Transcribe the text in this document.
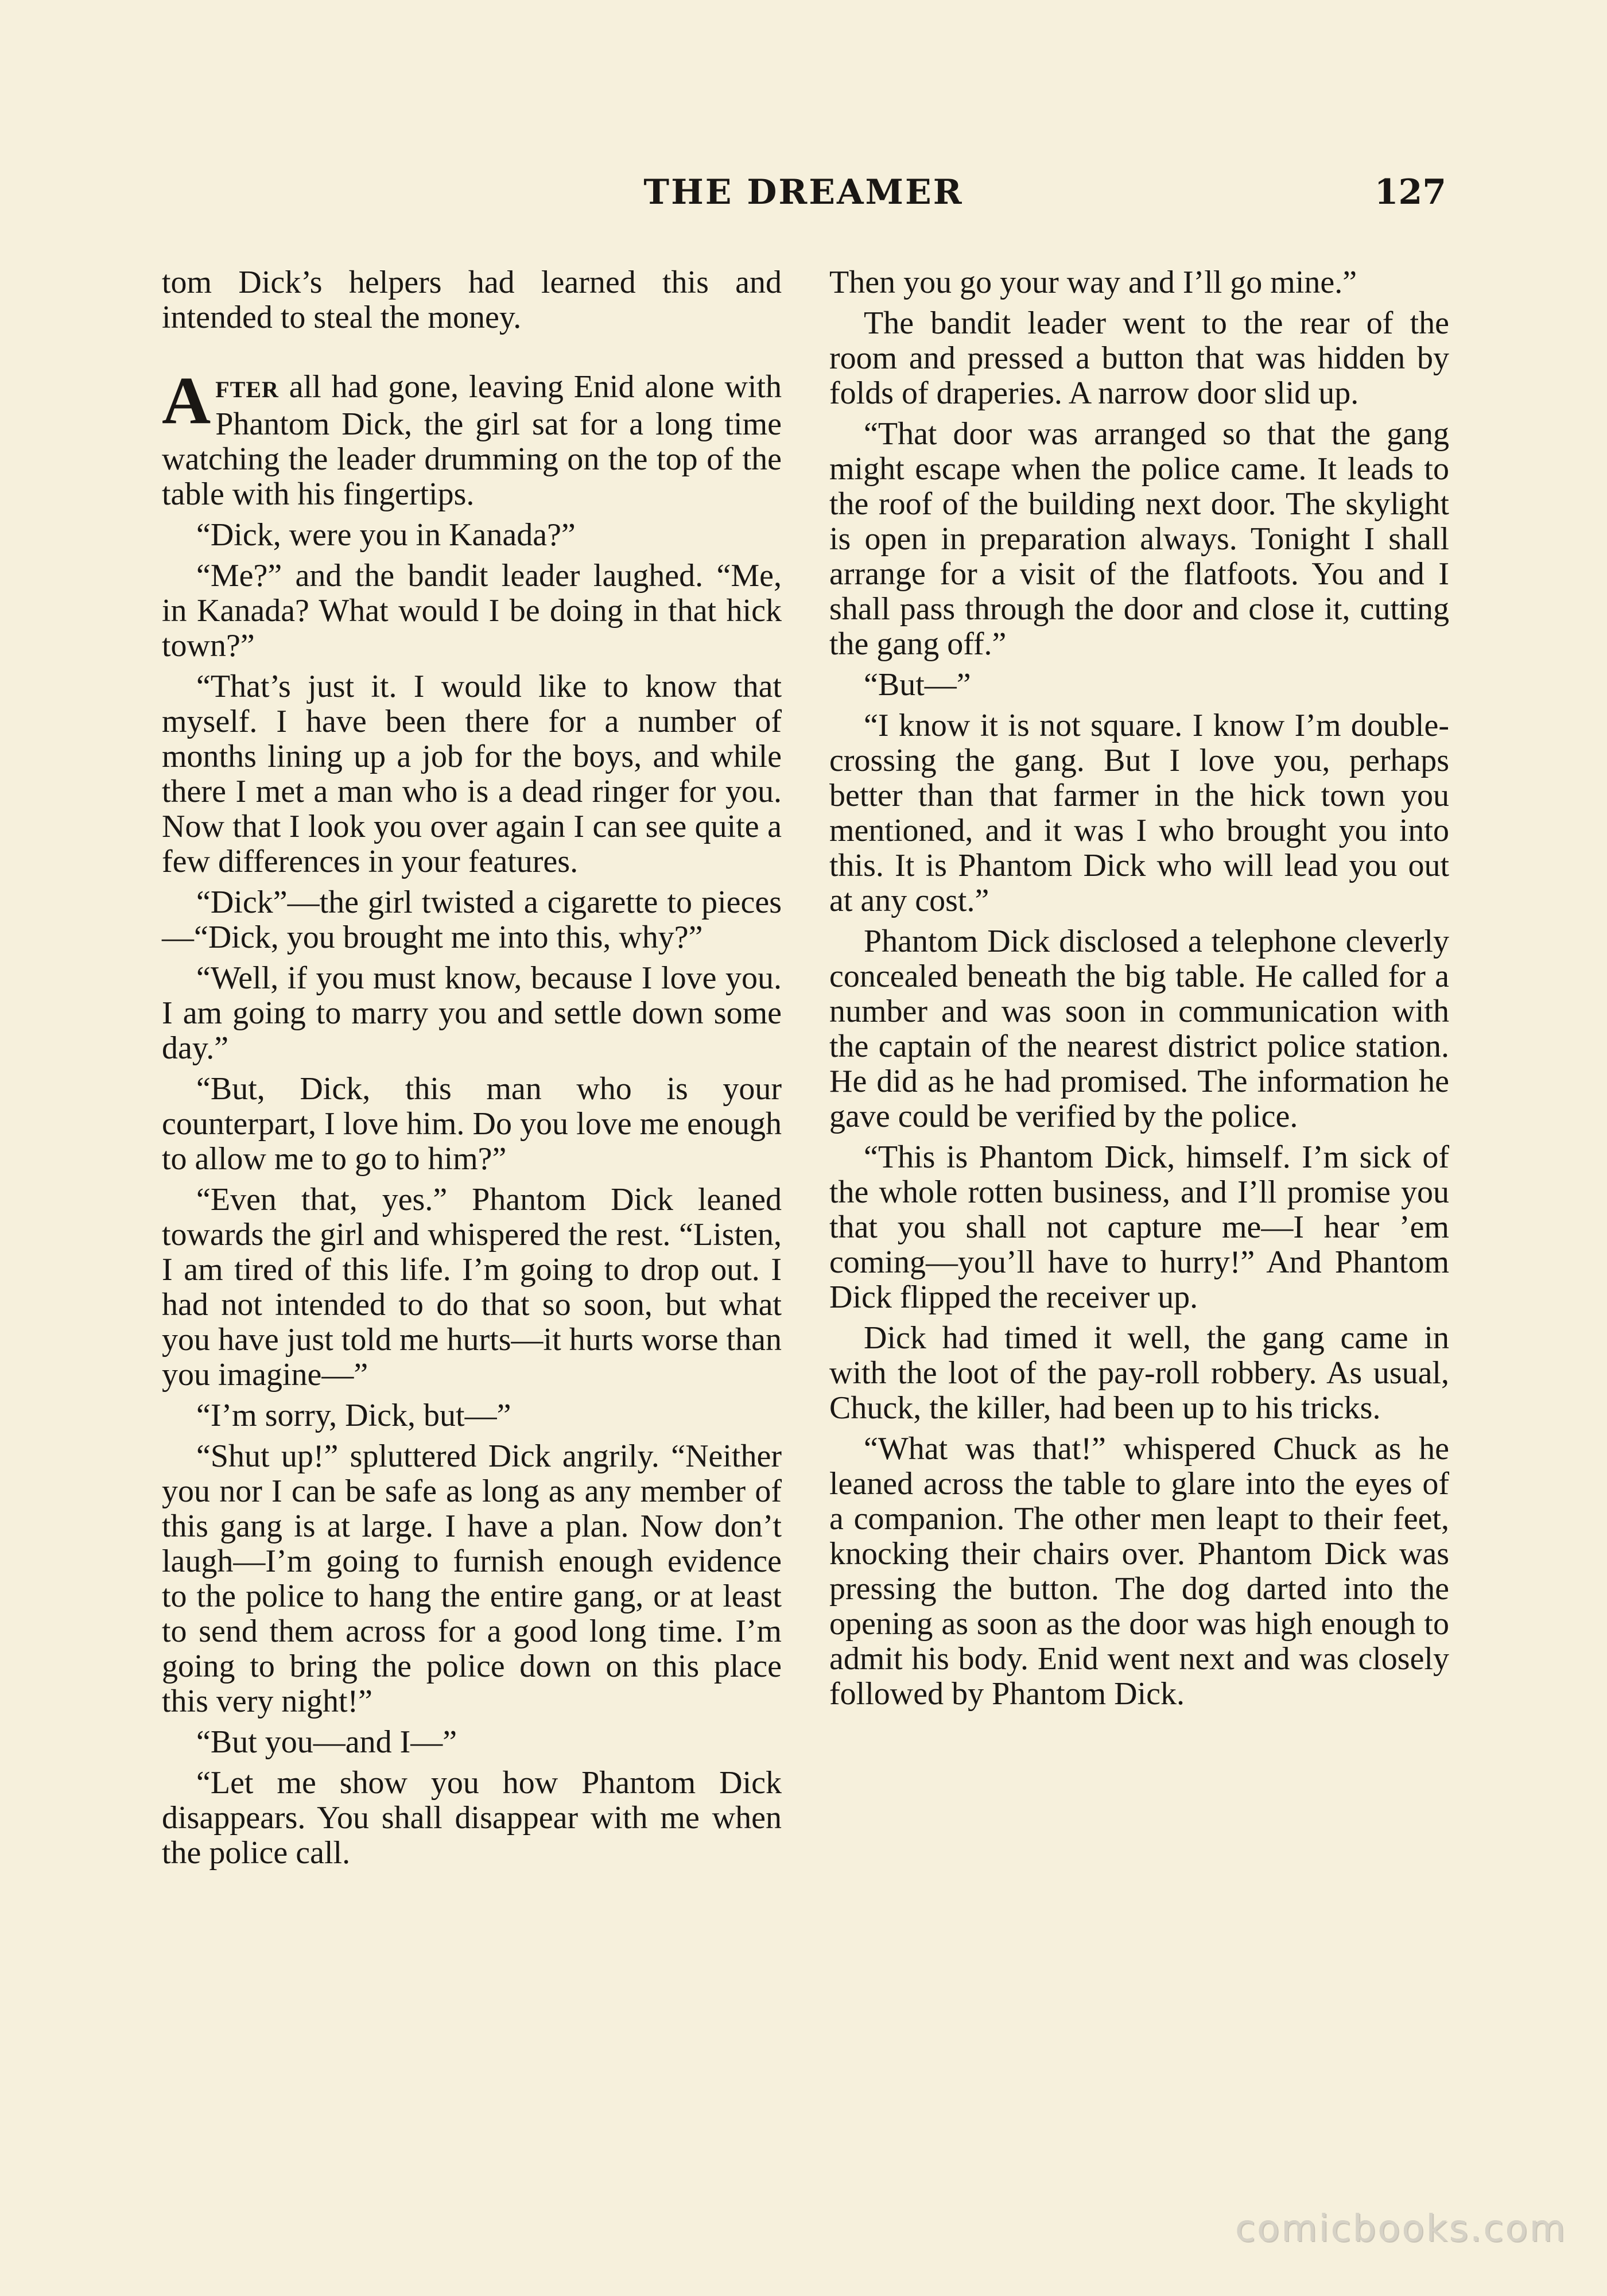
THE DREAMER	127

tom Dick’s helpers had learned this and intended to steal the money.

AFTER all had gone, leaving Enid alone with Phantom Dick, the girl sat for a long time watching the leader drumming on the top of the table with his fingertips.

“Dick, were you in Kanada?”

“Me?” and the bandit leader laughed. “Me, in Kanada? What would I be doing in that hick town?”

“That’s just it. I would like to know that myself. I have been there for a number of months lining up a job for the boys, and while there I met a man who is a dead ringer for you. Now that I look you over again I can see quite a few differences in your features.

“Dick”—the girl twisted a cigarette to pieces—“Dick, you brought me into this, why?”

“Well, if you must know, because I love you. I am going to marry you and settle down some day.”

“But, Dick, this man who is your counterpart, I love him. Do you love me enough to allow me to go to him?”

“Even that, yes.” Phantom Dick leaned towards the girl and whispered the rest. “Listen, I am tired of this life. I’m going to drop out. I had not intended to do that so soon, but what you have just told me hurts—it hurts worse than you imagine—”

“I’m sorry, Dick, but—”

“Shut up!” spluttered Dick angrily. “Neither you nor I can be safe as long as any member of this gang is at large. I have a plan. Now don’t laugh—I’m going to furnish enough evidence to the police to hang the entire gang, or at least to send them across for a good long time. I’m going to bring the police down on this place this very night!”

“But you—and I—”

“Let me show you how Phantom Dick disappears. You shall disappear with me when the police call.

Then you go your way and I’ll go mine.”

The bandit leader went to the rear of the room and pressed a button that was hidden by folds of draperies. A narrow door slid up.

“That door was arranged so that the gang might escape when the police came. It leads to the roof of the building next door. The skylight is open in preparation always. Tonight I shall arrange for a visit of the flatfoots. You and I shall pass through the door and close it, cutting the gang off.”

“But—”

“I know it is not square. I know I’m double-crossing the gang. But I love you, perhaps better than that farmer in the hick town you mentioned, and it was I who brought you into this. It is Phantom Dick who will lead you out at any cost.”

Phantom Dick disclosed a telephone cleverly concealed beneath the big table. He called for a number and was soon in communication with the captain of the nearest district police station. He did as he had promised. The information he gave could be verified by the police.

“This is Phantom Dick, himself. I’m sick of the whole rotten business, and I’ll promise you that you shall not capture me—I hear ’em coming—you’ll have to hurry!” And Phantom Dick flipped the receiver up.

Dick had timed it well, the gang came in with the loot of the pay-roll robbery. As usual, Chuck, the killer, had been up to his tricks.

“What was that!” whispered Chuck as he leaned across the table to glare into the eyes of a companion. The other men leapt to their feet, knocking their chairs over. Phantom Dick was pressing the button. The dog darted into the opening as soon as the door was high enough to admit his body. Enid went next and was closely followed by Phantom Dick.

comicbooks.com
